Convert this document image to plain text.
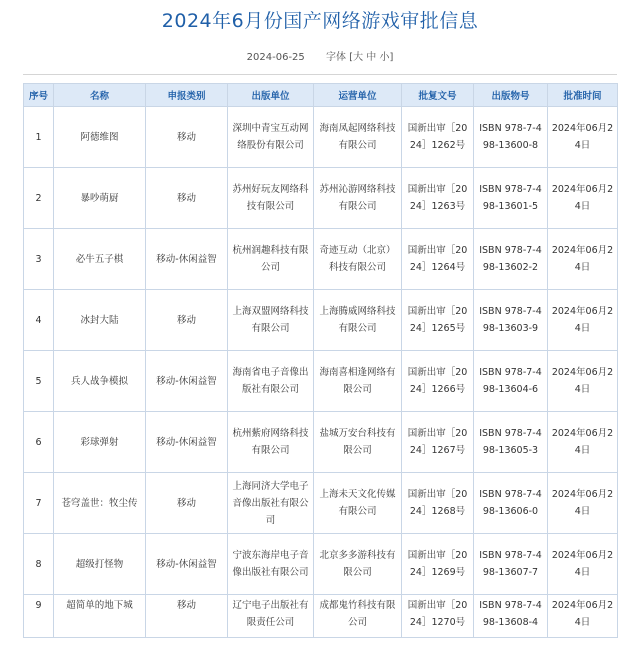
2024年6月份国产网络游戏审批信息
2024-06-25 字体 [大 中 小]
序号	名称	申报类别	出版单位	运营单位	批复文号	出版物号	批准时间
1	阿德维图	移动	深圳中青宝互动网络股份有限公司	海南凤起网络科技有限公司	国新出审［2024］1262号	ISBN 978-7-498-13600-8	2024年06月24日
2	暴吵萌厨	移动	苏州好玩友网络科技有限公司	苏州沁游网络科技有限公司	国新出审［2024］1263号	ISBN 978-7-498-13601-5	2024年06月24日
3	必牛五子棋	移动-休闲益智	杭州润趣科技有限公司	奇迹互动（北京）科技有限公司	国新出审［2024］1264号	ISBN 978-7-498-13602-2	2024年06月24日
4	冰封大陆	移动	上海双盟网络科技有限公司	上海腾威网络科技有限公司	国新出审［2024］1265号	ISBN 978-7-498-13603-9	2024年06月24日
5	兵人战争模拟	移动-休闲益智	海南省电子音像出版社有限公司	海南喜相逢网络有限公司	国新出审［2024］1266号	ISBN 978-7-498-13604-6	2024年06月24日
6	彩球弹射	移动-休闲益智	杭州紫府网络科技有限公司	盐城万安台科技有限公司	国新出审［2024］1267号	ISBN 978-7-498-13605-3	2024年06月24日
7	苍穹盖世：牧尘传	移动	上海同济大学电子音像出版社有限公司	上海未天文化传媒有限公司	国新出审［2024］1268号	ISBN 978-7-498-13606-0	2024年06月24日
8	超级打怪物	移动-休闲益智	宁波东海岸电子音像出版社有限公司	北京多多游科技有限公司	国新出审［2024］1269号	ISBN 978-7-498-13607-7	2024年06月24日
9	超简单的地下城	移动	辽宁电子出版社有限责任公司	成都鬼竹科技有限公司	国新出审［2024］1270号	ISBN 978-7-498-13608-4	2024年06月24日
